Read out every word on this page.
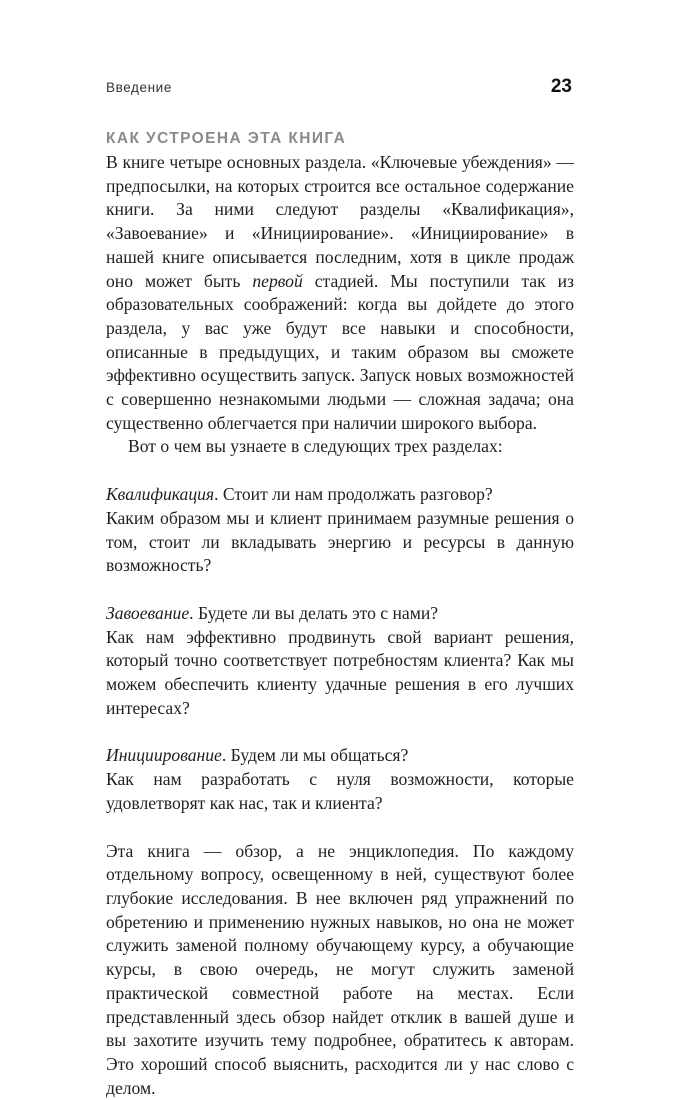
Введение	23
КАК УСТРОЕНА ЭТА КНИГА

В книге четыре основных раздела. «Ключевые убеждения» — предпосылки, на которых строится все остальное содержание книги. За ними следуют разделы «Квалификация», «Завоевание» и «Инициирование». «Инициирование» в нашей книге описывается последним, хотя в цикле продаж оно может быть первой стадией. Мы поступили так из образовательных соображений: когда вы дойдете до этого раздела, у вас уже будут все навыки и способности, описанные в предыдущих, и таким образом вы сможете эффективно осуществить запуск. Запуск новых возможностей с совершенно незнакомыми людьми — сложная задача; она существенно облегчается при наличии широкого выбора.

Вот о чем вы узнаете в следующих трех разделах:

Квалификация. Стоит ли нам продолжать разговор?
Каким образом мы и клиент принимаем разумные решения о том, стоит ли вкладывать энергию и ресурсы в данную возможность?

Завоевание. Будете ли вы делать это с нами?
Как нам эффективно продвинуть свой вариант решения, который точно соответствует потребностям клиента? Как мы можем обеспечить клиенту удачные решения в его лучших интересах?

Инициирование. Будем ли мы общаться?
Как нам разработать с нуля возможности, которые удовлетворят как нас, так и клиента?

Эта книга — обзор, а не энциклопедия. По каждому отдельному вопросу, освещенному в ней, существуют более глубокие исследования. В нее включен ряд упражнений по обретению и применению нужных навыков, но она не может служить заменой полному обучающему курсу, а обучающие курсы, в свою очередь, не могут служить заменой практической совместной работе на местах. Если представленный здесь обзор найдет отклик в вашей душе и вы захотите изучить тему подробнее, обратитесь к авторам. Это хороший способ выяснить, расходится ли у нас слово с делом.
